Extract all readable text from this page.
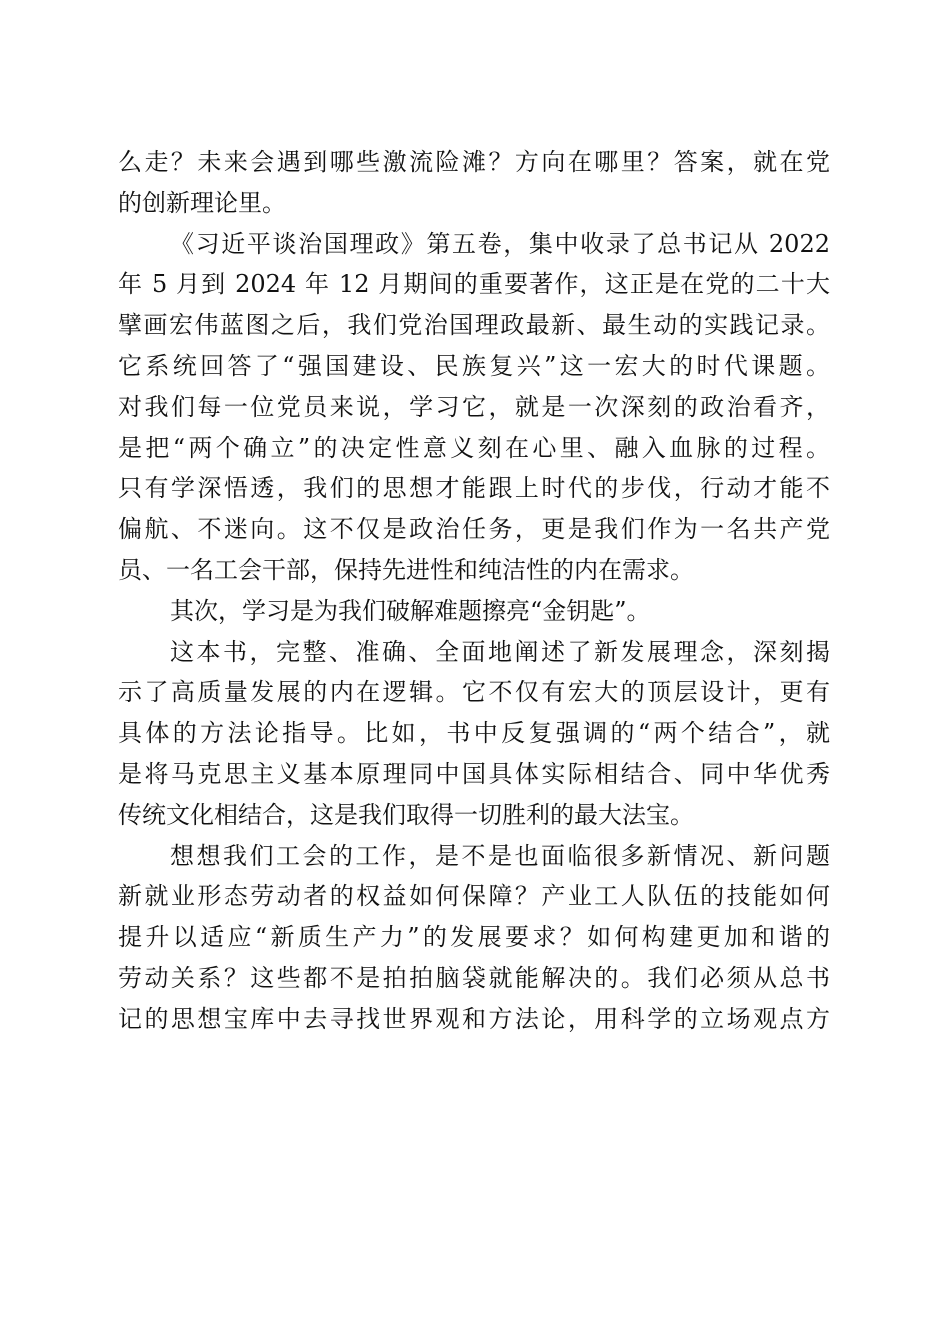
么走？未来会遇到哪些激流险滩？方向在哪里？答案，就在党
的创新理论里。
《习近平谈治国理政》第五卷，集中收录了总书记从 2022
年 5 月到 2024 年 12 月期间的重要著作，这正是在党的二十大
擘画宏伟蓝图之后，我们党治国理政最新、最生动的实践记录。
它系统回答了“强国建设、民族复兴”这一宏大的时代课题。
对我们每一位党员来说，学习它，就是一次深刻的政治看齐，
是把“两个确立”的决定性意义刻在心里、融入血脉的过程。
只有学深悟透，我们的思想才能跟上时代的步伐，行动才能不
偏航、不迷向。这不仅是政治任务，更是我们作为一名共产党
员、一名工会干部，保持先进性和纯洁性的内在需求。
其次，学习是为我们破解难题擦亮“金钥匙”。
这本书，完整、准确、全面地阐述了新发展理念，深刻揭
示了高质量发展的内在逻辑。它不仅有宏大的顶层设计，更有
具体的方法论指导。比如，书中反复强调的“两个结合”，就
是将马克思主义基本原理同中国具体实际相结合、同中华优秀
传统文化相结合，这是我们取得一切胜利的最大法宝。
想想我们工会的工作，是不是也面临很多新情况、新问题
新就业形态劳动者的权益如何保障？产业工人队伍的技能如何
提升以适应“新质生产力”的发展要求？如何构建更加和谐的
劳动关系？这些都不是拍拍脑袋就能解决的。我们必须从总书
记的思想宝库中去寻找世界观和方法论，用科学的立场观点方
